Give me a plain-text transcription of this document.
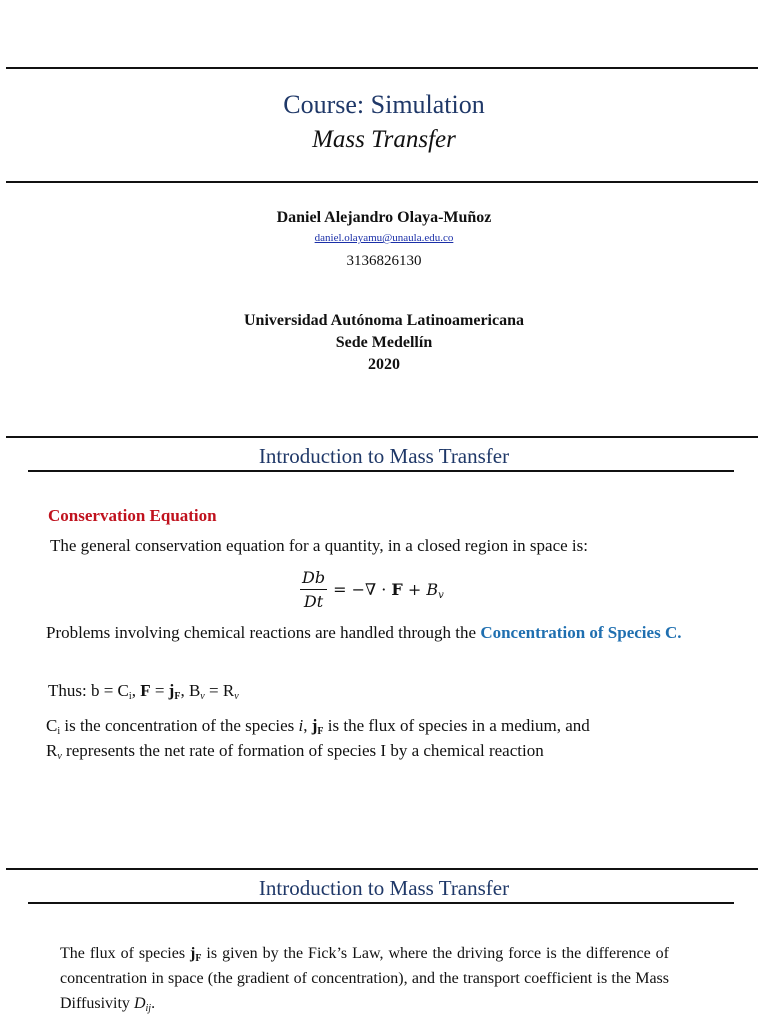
Course: Simulation
Mass Transfer
Daniel Alejandro Olaya-Muñoz
daniel.olayamu@unaula.edu.co
3136826130
Universidad Autónoma Latinoamericana
Sede Medellín
2020
Introduction to Mass Transfer
Conservation Equation
The general conservation equation for a quantity, in a closed region in space is:
$\frac{Db}{Dt}$ = −∇ · $F + B_v$
Problems involving chemical reactions are handled through the Concentration of Species C.
Thus: $b = C_i$, $F = j_F$, $B_v = R_v$
$C_i$ is the concentration of the species i, $j_F$ is the flux of species in a medium, and
$R_v$ represents the net rate of formation of species I by a chemical reaction
Introduction to Mass Transfer
The flux of species $j_F$ is given by the Fick’s Law, where the driving force is the difference of concentration in space (the gradient of concentration), and the transport coefficient is the Mass Diffusivity $D_{ij}$.
